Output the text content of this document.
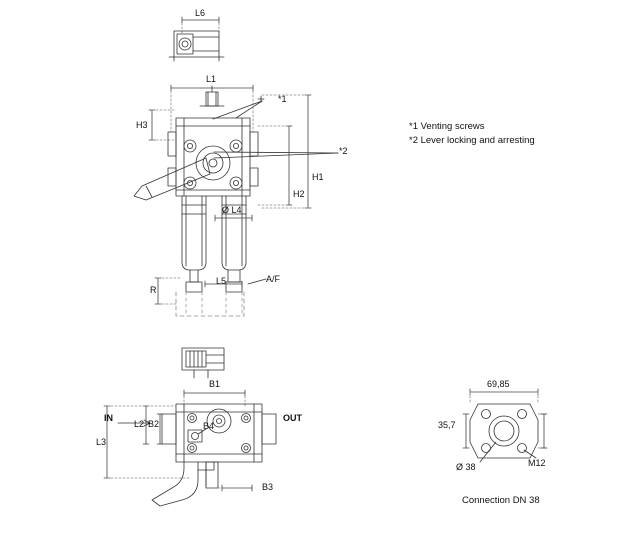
L6
L1
H3
*1
*2
H1
H2
Ø L4
L5	A/F
R
B1
IN	OUT
L2 B2	B4
L3
B3
69,85
35,7
Ø 38	M12
Connection DN 38
*1 Venting screws
*2 Lever locking and arresting
